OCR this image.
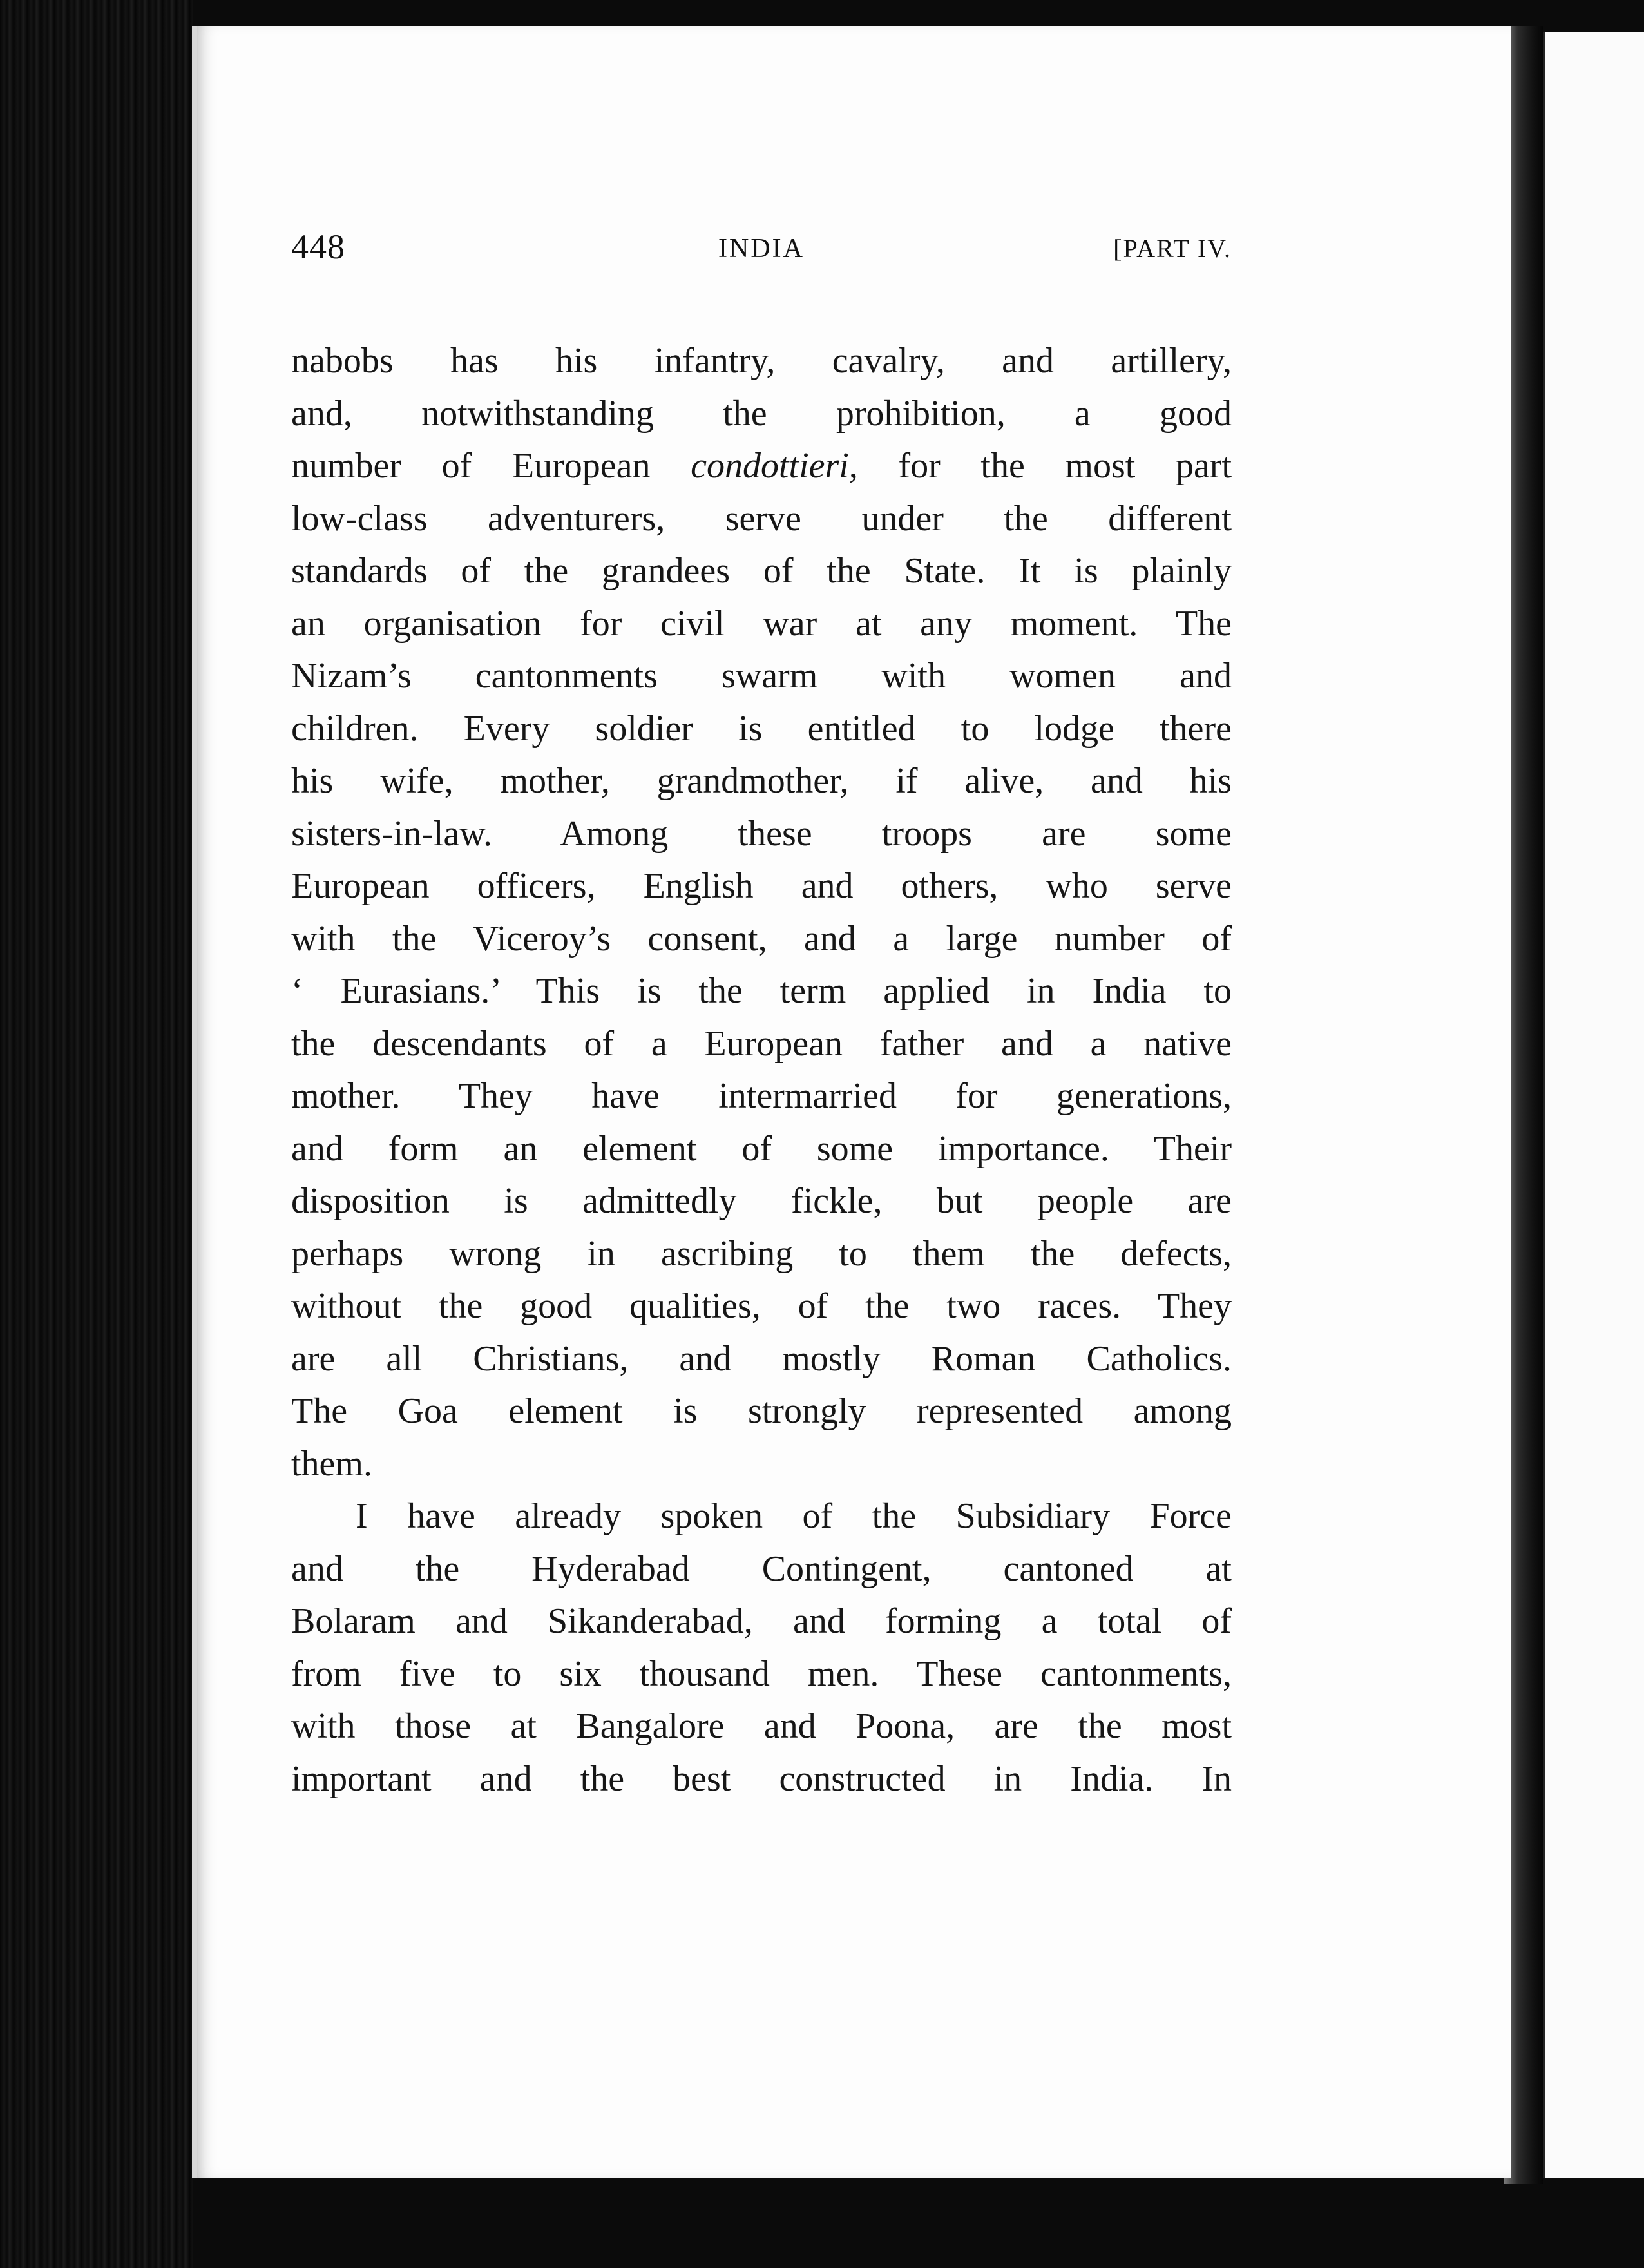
448	INDIA	[PART IV.
nabobs has his infantry, cavalry, and artillery,
and, notwithstanding the prohibition, a good
number of European condottieri, for the most part
low-class adventurers, serve under the different
standards of the grandees of the State. It is plainly
an organisation for civil war at any moment. The
Nizam’s cantonments swarm with women and
children. Every soldier is entitled to lodge there
his wife, mother, grandmother, if alive, and his
sisters-in-law. Among these troops are some
European officers, English and others, who serve
with the Viceroy’s consent, and a large number of
‘ Eurasians.’ This is the term applied in India to
the descendants of a European father and a native
mother. They have intermarried for generations,
and form an element of some importance. Their
disposition is admittedly fickle, but people are
perhaps wrong in ascribing to them the defects,
without the good qualities, of the two races. They
are all Christians, and mostly Roman Catholics.
The Goa element is strongly represented among
them.
I have already spoken of the Subsidiary Force
and the Hyderabad Contingent, cantoned at
Bolaram and Sikanderabad, and forming a total of
from five to six thousand men. These cantonments,
with those at Bangalore and Poona, are the most
important and the best constructed in India. In
